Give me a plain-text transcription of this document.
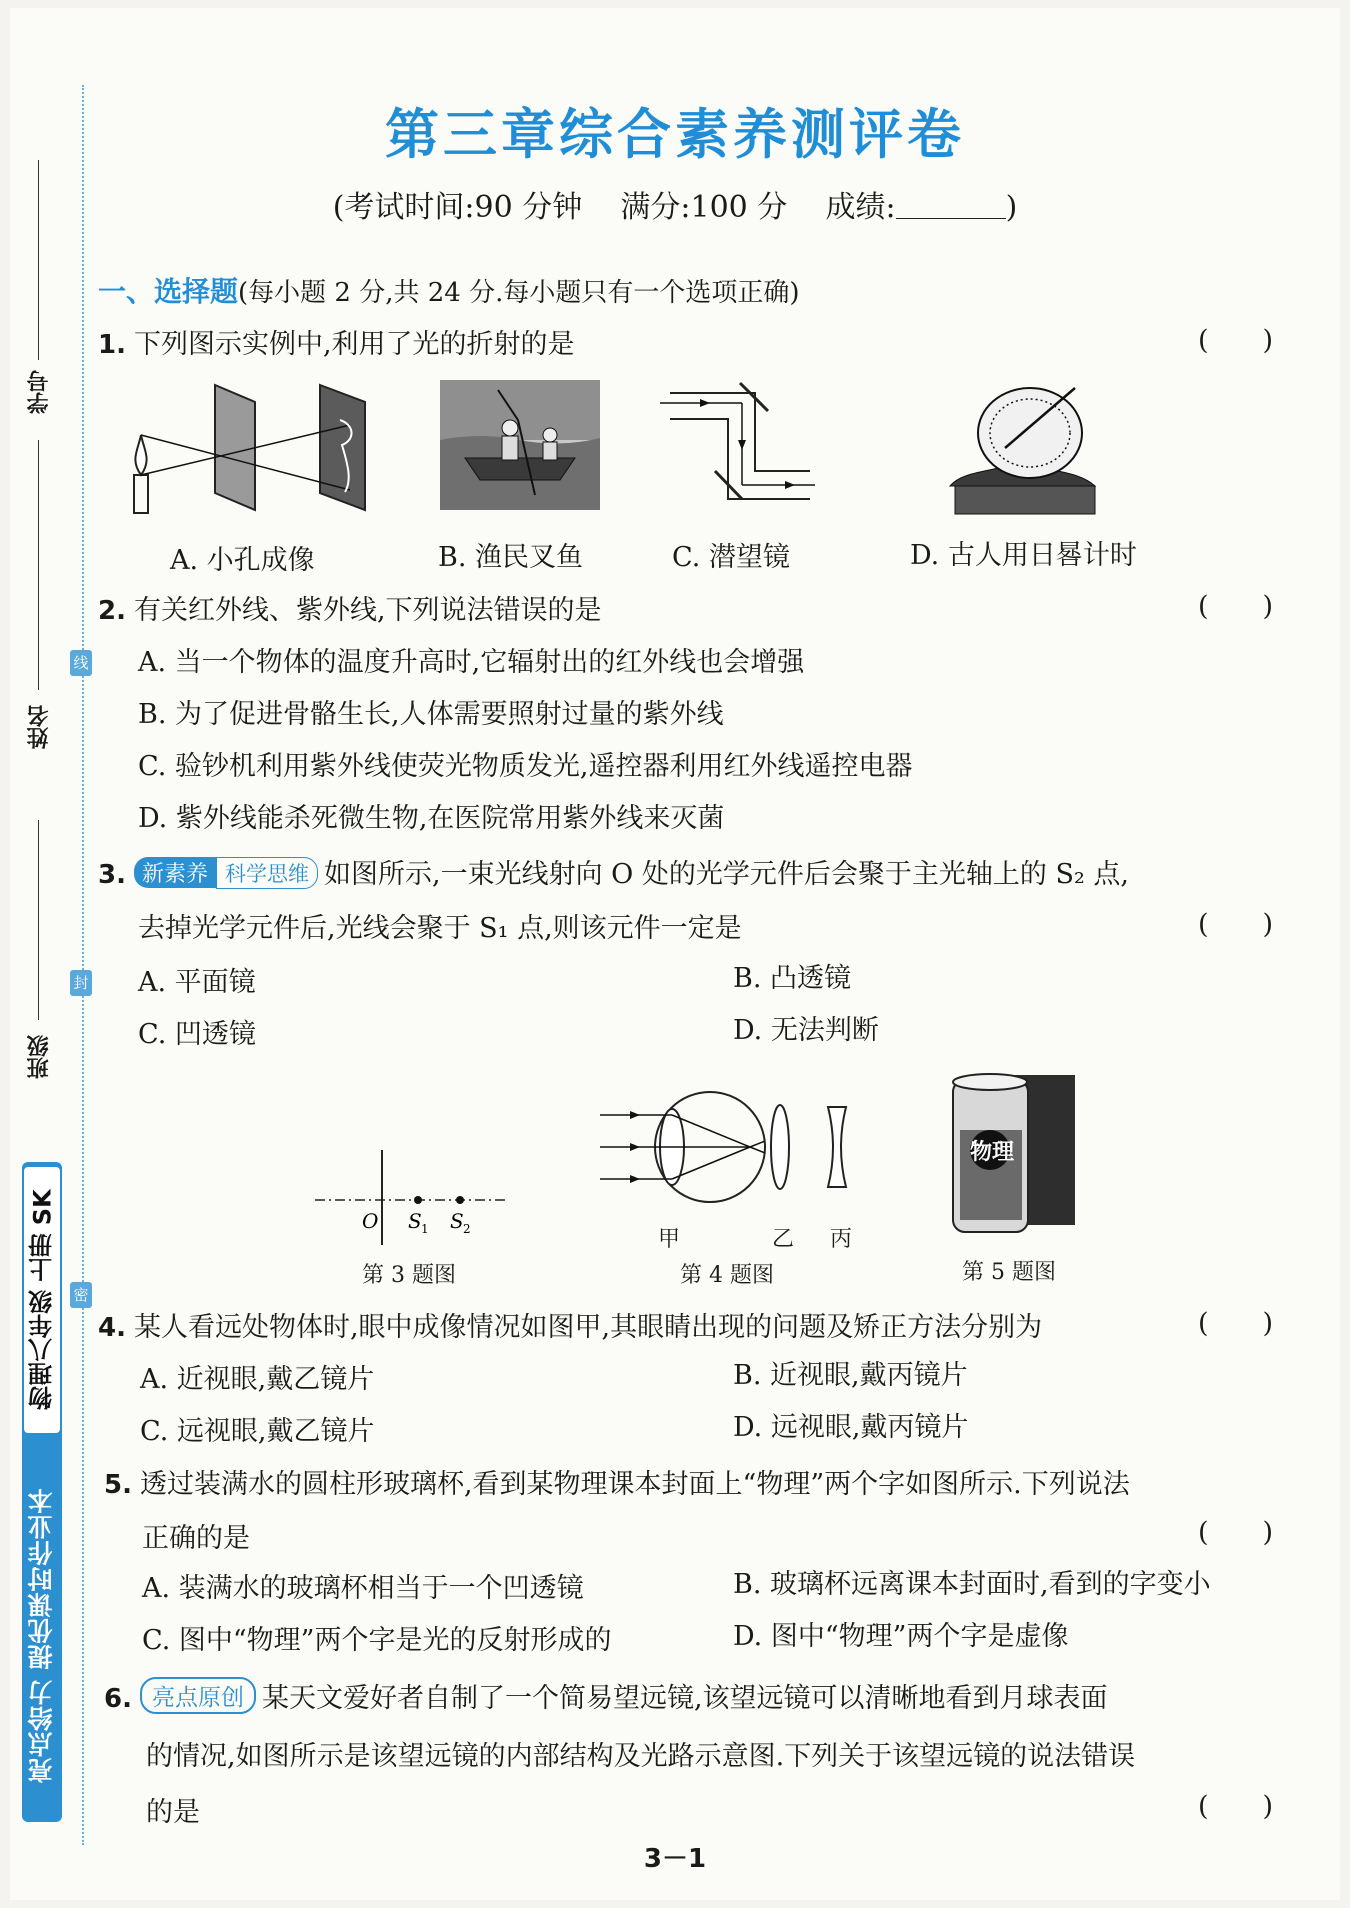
学号
姓名
班级
线
封
密
亮点给力 提优课时作业本
物理八年级 上册 SK
第三章综合素养测评卷
(考试时间:90 分钟 满分:100 分 成绩:	)
一、选择题(每小题 2 分,共 24 分.每小题只有一个选项正确)
1. 下列图示实例中,利用了光的折射的是	(　　)
A. 小孔成像	B. 渔民叉鱼	C. 潜望镜	D. 古人用日晷计时
2. 有关红外线、紫外线,下列说法错误的是	(　　)
A. 当一个物体的温度升高时,它辐射出的红外线也会增强
B. 为了促进骨骼生长,人体需要照射过量的紫外线
C. 验钞机利用紫外线使荧光物质发光,遥控器利用红外线遥控电器
D. 紫外线能杀死微生物,在医院常用紫外线来灭菌
3. 新素养 科学思维 如图所示,一束光线射向 O 处的光学元件后会聚于主光轴上的 S₂ 点,
去掉光学元件后,光线会聚于 S₁ 点,则该元件一定是	(　　)
A. 平面镜	B. 凸透镜
C. 凹透镜	D. 无法判断
O S 1 S 2
第 3 题图
甲	乙 丙
第 4 题图
物理
第 5 题图
4. 某人看远处物体时,眼中成像情况如图甲,其眼睛出现的问题及矫正方法分别为	(　　)
A. 近视眼,戴乙镜片	B. 近视眼,戴丙镜片
C. 远视眼,戴乙镜片	D. 远视眼,戴丙镜片
5. 透过装满水的圆柱形玻璃杯,看到某物理课本封面上“物理”两个字如图所示.下列说法
正确的是	(　　)
A. 装满水的玻璃杯相当于一个凹透镜	B. 玻璃杯远离课本封面时,看到的字变小
C. 图中“物理”两个字是光的反射形成的	D. 图中“物理”两个字是虚像
6. 亮点原创 某天文爱好者自制了一个简易望远镜,该望远镜可以清晰地看到月球表面
的情况,如图所示是该望远镜的内部结构及光路示意图.下列关于该望远镜的说法错误
的是	(　　)
3－1
